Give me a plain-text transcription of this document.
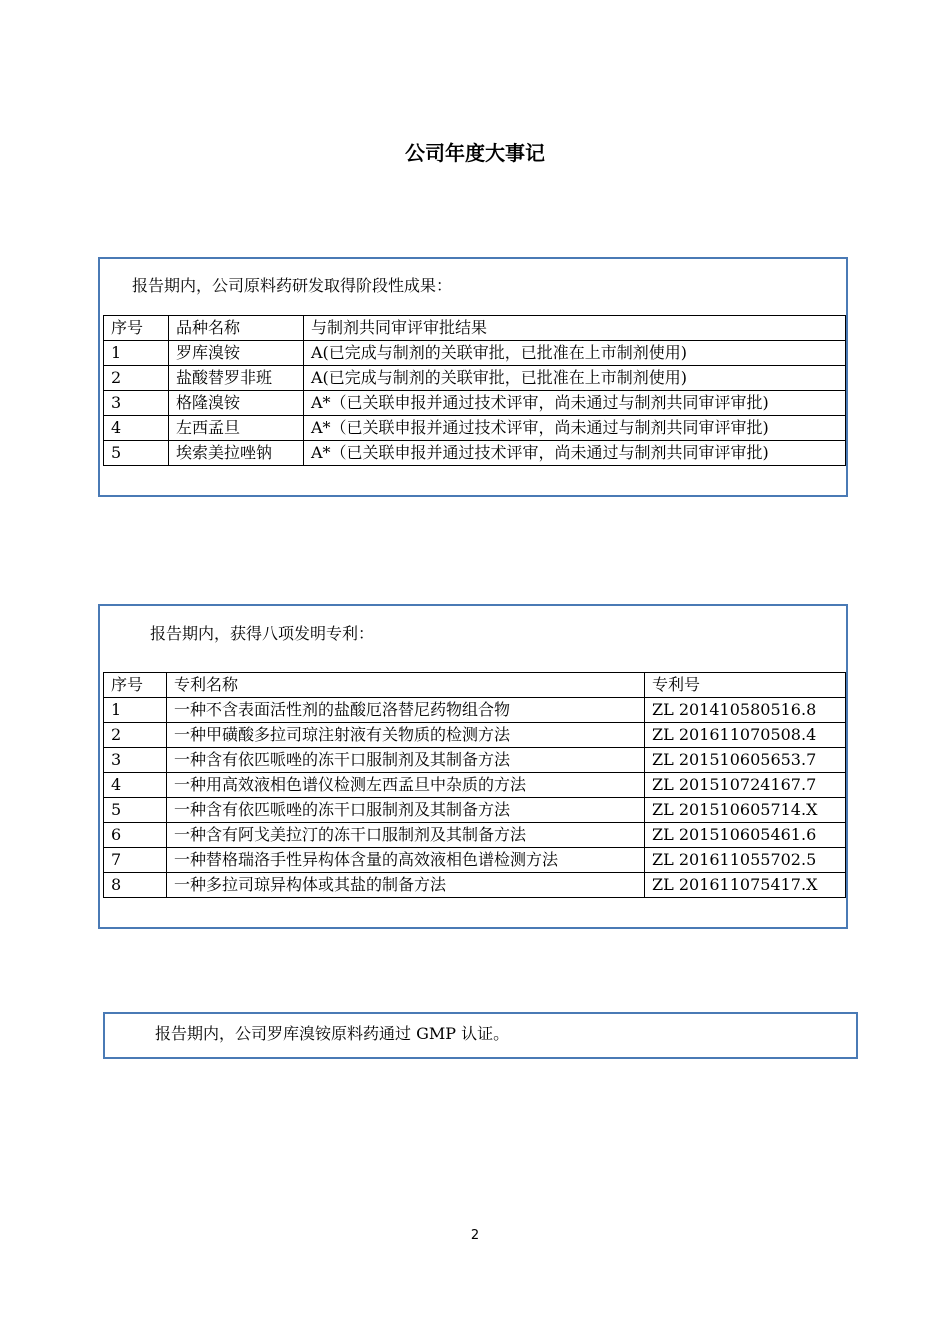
公司年度大事记
报告期内，公司原料药研发取得阶段性成果：
序号	品种名称	与制剂共同审评审批结果
1	罗库溴铵	A(已完成与制剂的关联审批，已批准在上市制剂使用)
2	盐酸替罗非班	A(已完成与制剂的关联审批，已批准在上市制剂使用)
3	格隆溴铵	A*（已关联申报并通过技术评审，尚未通过与制剂共同审评审批)
4	左西孟旦	A*（已关联申报并通过技术评审，尚未通过与制剂共同审评审批)
5	埃索美拉唑钠	A*（已关联申报并通过技术评审，尚未通过与制剂共同审评审批)
报告期内，获得八项发明专利：
序号	专利名称	专利号
1	一种不含表面活性剂的盐酸厄洛替尼药物组合物	ZL 201410580516.8
2	一种甲磺酸多拉司琼注射液有关物质的检测方法	ZL 201611070508.4
3	一种含有依匹哌唑的冻干口服制剂及其制备方法	ZL 201510605653.7
4	一种用高效液相色谱仪检测左西孟旦中杂质的方法	ZL 201510724167.7
5	一种含有依匹哌唑的冻干口服制剂及其制备方法	ZL 201510605714.X
6	一种含有阿戈美拉汀的冻干口服制剂及其制备方法	ZL 201510605461.6
7	一种替格瑞洛手性异构体含量的高效液相色谱检测方法	ZL 201611055702.5
8	一种多拉司琼异构体或其盐的制备方法	ZL 201611075417.X
报告期内，公司罗库溴铵原料药通过 GMP 认证。
2
